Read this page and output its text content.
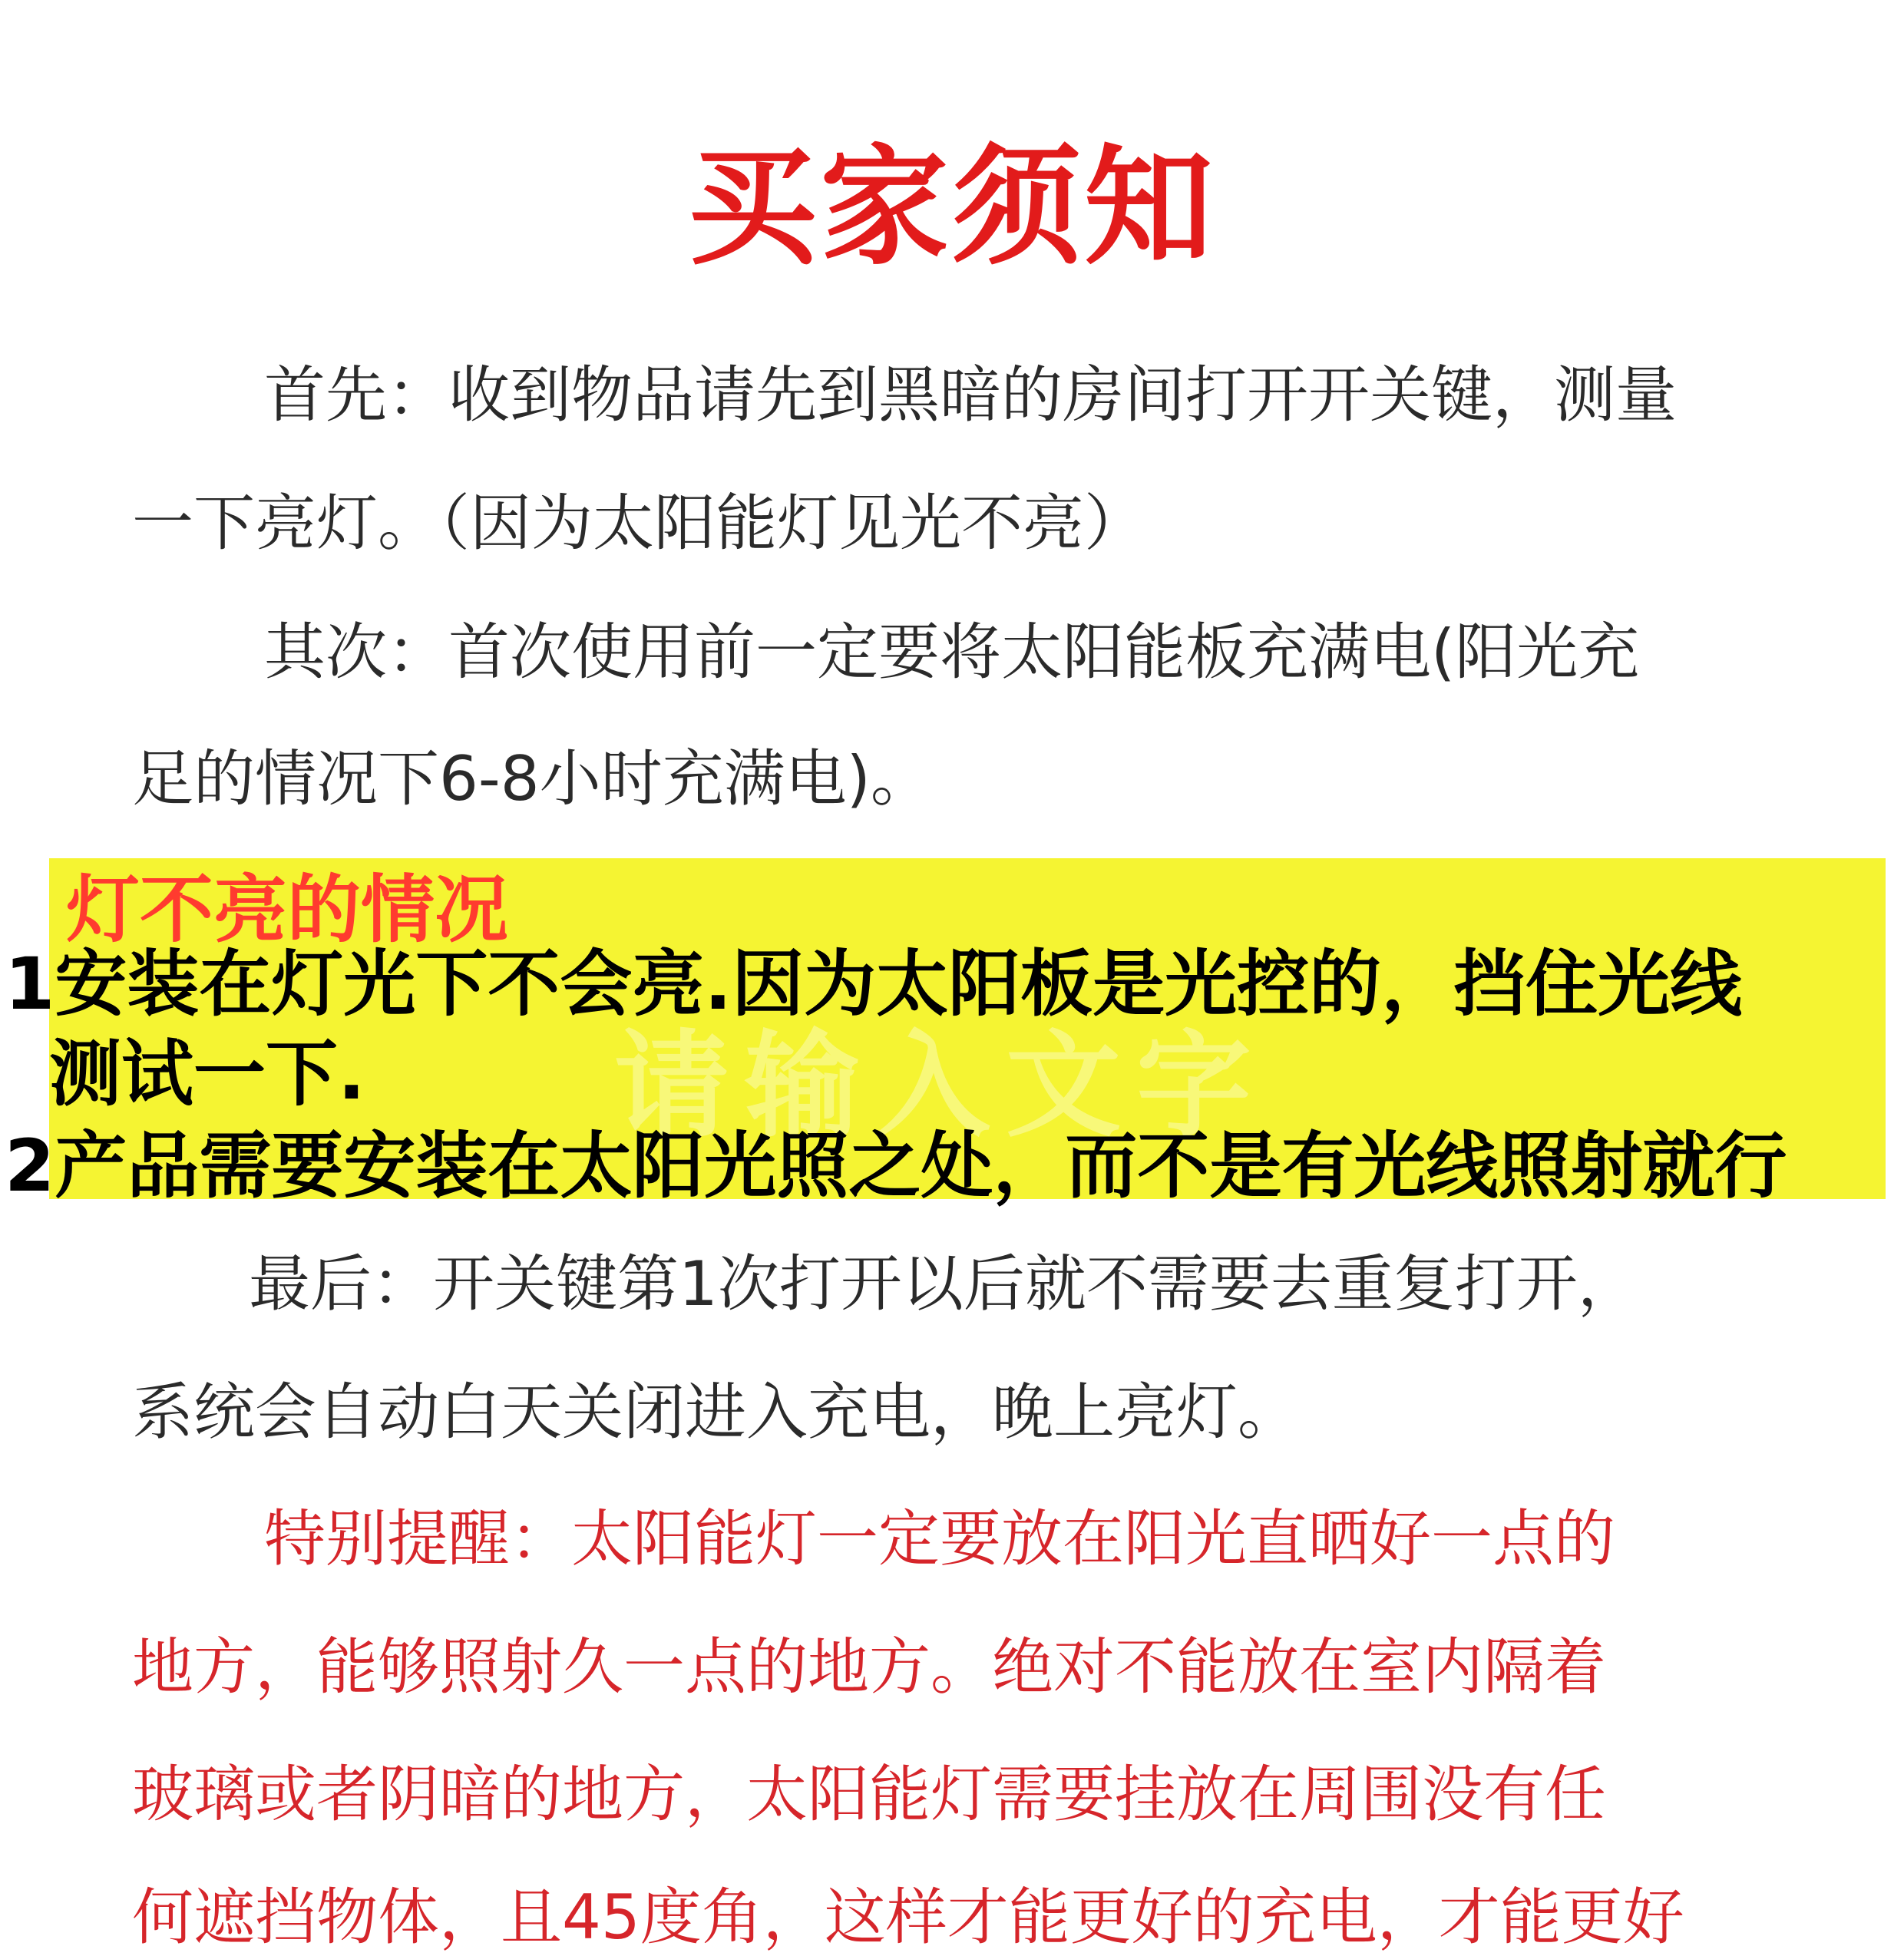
买家须知
首先：收到物品请先到黑暗的房间打开开关键，测量
一下亮灯。（因为太阳能灯见光不亮）
其次：首次使用前一定要将太阳能板充满电(阳光充
足的情况下6-8小时充满电)。
请输入文字
灯不亮的情况
1安装在灯光下不会亮.因为太阳板是光控的，挡住光线
测试一下.
2产品需要安装在太阳光照之处，而不是有光线照射就行
最后：开关键第1次打开以后就不需要去重复打开，
系统会自动白天关闭进入充电，晚上亮灯。
特别提醒：太阳能灯一定要放在阳光直晒好一点的
地方，能够照射久一点的地方。绝对不能放在室内隔着
玻璃或者阴暗的地方，太阳能灯需要挂放在周围没有任
何遮挡物体，且45度角，这样才能更好的充电，才能更好
